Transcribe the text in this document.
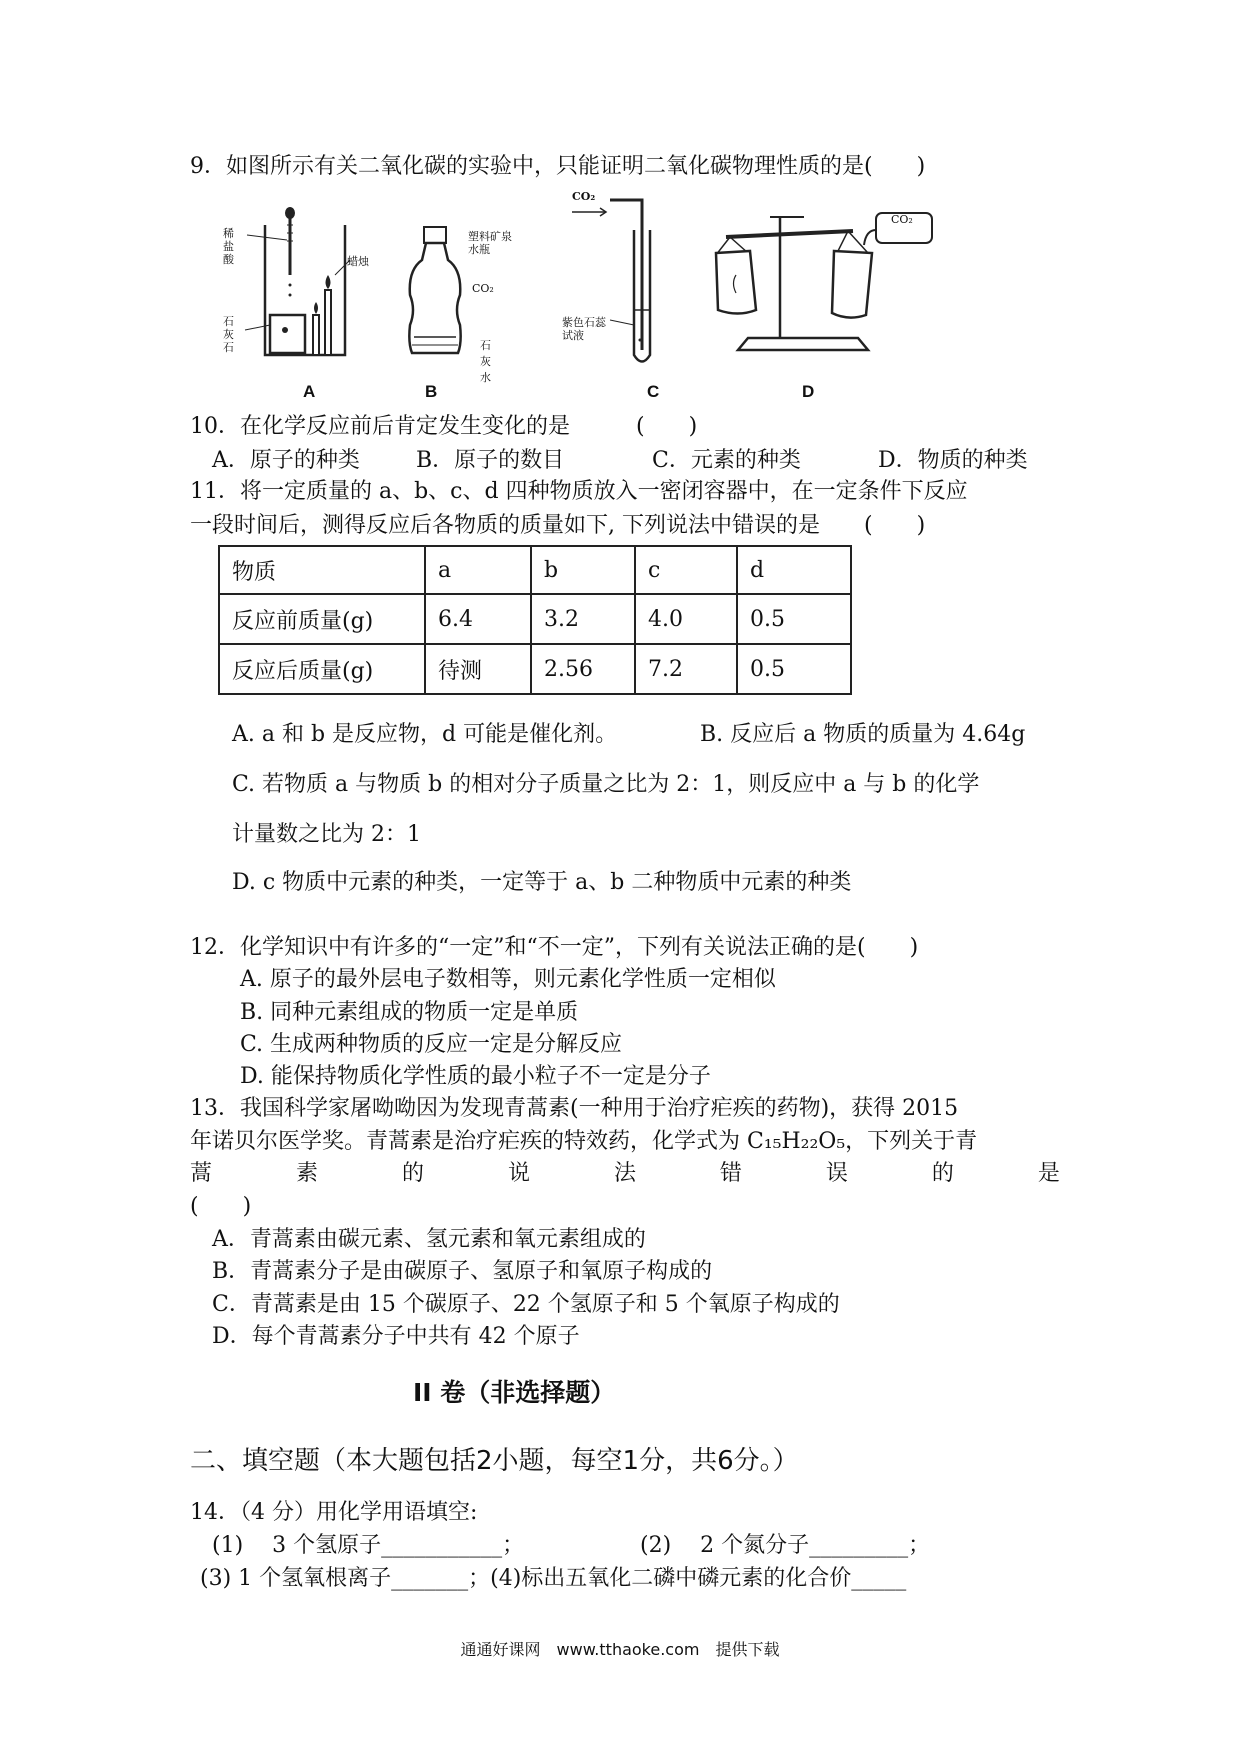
9．如图所示有关二氧化碳的实验中，只能证明二氧化碳物理性质的是(　　)
稀盐酸
石灰石
蜡烛
A
塑料矿泉水瓶
CO₂
石灰水
B
CO₂
紫色石蕊试液
C
CO₂
D
10．在化学反应前后肯定发生变化的是　　　(　　)
A．原子的种类	B．原子的数目	C．元素的种类	D．物质的种类
11．将一定质量的 a、b、c、d 四种物质放入一密闭容器中，在一定条件下反应
一段时间后，测得反应后各物质的质量如下, 下列说法中错误的是　　(　　)
物质	a	b	c	d
反应前质量(g)	6.4	3.2	4.0	0.5
反应后质量(g)	待测	2.56	7.2	0.5
A. a 和 b 是反应物，d 可能是催化剂。	B. 反应后 a 物质的质量为 4.64g
C. 若物质 a 与物质 b 的相对分子质量之比为 2：1，则反应中 a 与 b 的化学
计量数之比为 2：1
D. c 物质中元素的种类，一定等于 a、b 二种物质中元素的种类
12．化学知识中有许多的“一定”和“不一定”，下列有关说法正确的是(　　)
A. 原子的最外层电子数相等，则元素化学性质一定相似
B. 同种元素组成的物质一定是单质
C. 生成两种物质的反应一定是分解反应
D. 能保持物质化学性质的最小粒子不一定是分子
13．我国科学家屠呦呦因为发现青蒿素(一种用于治疗疟疾的药物)，获得 2015
年诺贝尔医学奖。青蒿素是治疗疟疾的特效药，化学式为 C₁₅H₂₂O₅，下列关于青
蒿	素	的	说	法	错	误	的	是
(　　)
A．青蒿素由碳元素、氢元素和氧元素组成的
B．青蒿素分子是由碳原子、氢原子和氧原子构成的
C．青蒿素是由 15 个碳原子、22 个氢原子和 5 个氧原子构成的
D．每个青蒿素分子中共有 42 个原子
II 卷（非选择题）
二、填空题（本大题包括2小题，每空1分，共6分。）
14．（4 分）用化学用语填空:
(1)　 3 个氢原子___________；	(2)　 2 个氮分子_________；
(3) 1 个氢氧根离子_______；(4)标出五氧化二磷中磷元素的化合价_____
通通好课网　www.tthaoke.com　提供下载
